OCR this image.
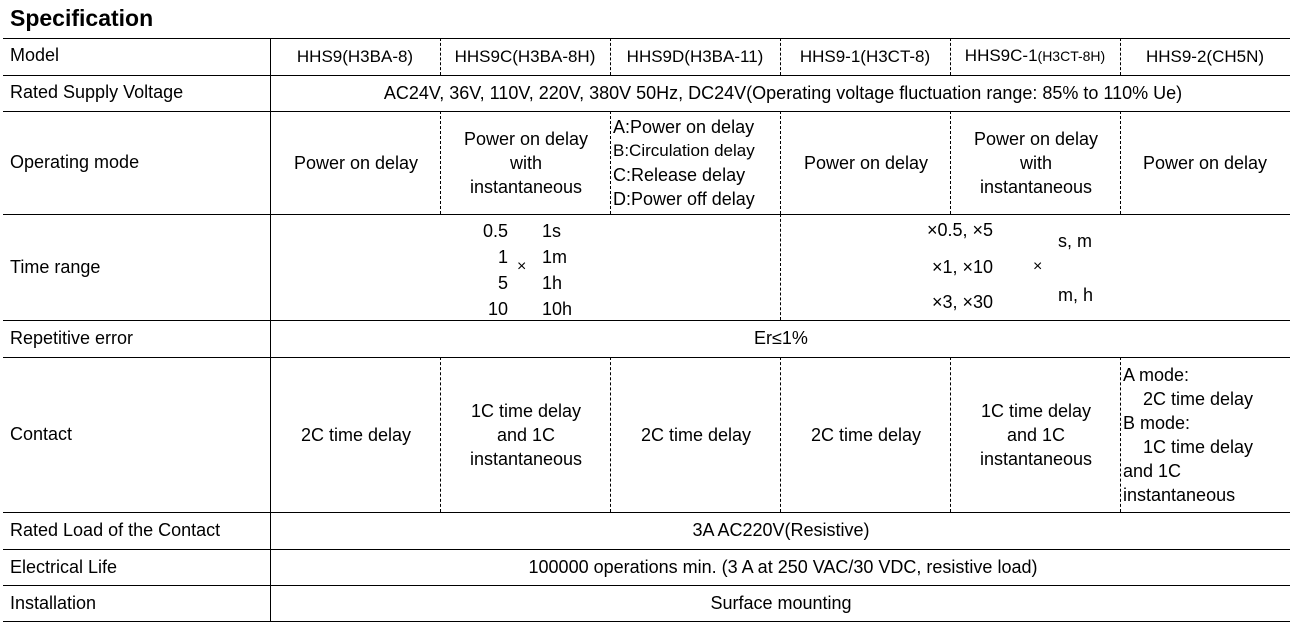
Specification
Model
Rated Supply Voltage
Operating mode
Time range
Repetitive error
Contact
Rated Load of the Contact
Electrical Life
Installation
HHS9(H3BA-8) HHS9C(H3BA-8H) HHS9D(H3BA-11) HHS9-1(H3CT-8) HHS9C-1(H3CT-8H) HHS9-2(CH5N)
AC24V, 36V, 110V, 220V, 380V 50Hz, DC24V(Operating voltage fluctuation range: 85% to 110% Ue)
Power on delay
Power on delay
with
instantaneous
A:Power on delay
B:Circulation delay
C:Release delay
D:Power off delay
Power on delay
Power on delay
with
instantaneous
Power on delay
0.5
1
5
10
×
1s
1m
1h
10h
×0.5, ×5
×1, ×10
×3, ×30
×
s, m
m, h
Er≤1%
2C time delay
1C time delay
and 1C
instantaneous
2C time delay	2C time delay
1C time delay
and 1C
instantaneous
A mode:
2C time delay
B mode:
1C time delay
and 1C
instantaneous
3A AC220V(Resistive)
100000 operations min. (3 A at 250 VAC/30 VDC, resistive load)
Surface mounting
